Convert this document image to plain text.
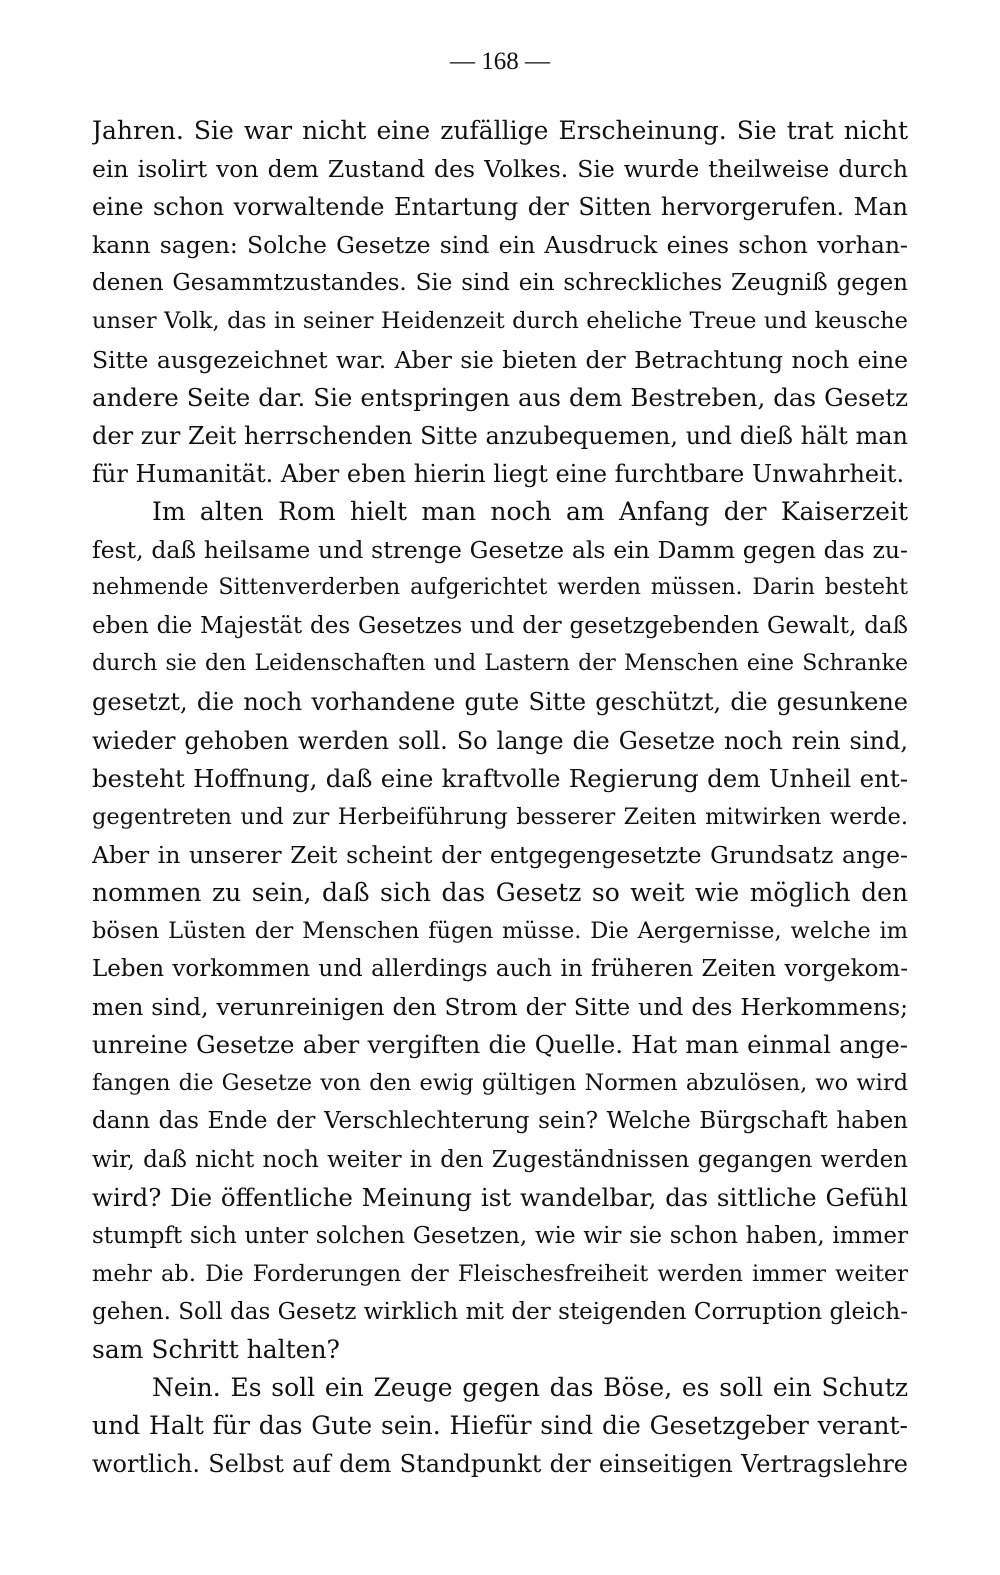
— 168 —
Jahren. Sie war nicht eine zufällige Erscheinung. Sie trat nicht
ein isolirt von dem Zustand des Volkes. Sie wurde theilweise durch
eine schon vorwaltende Entartung der Sitten hervorgerufen. Man
kann sagen: Solche Gesetze sind ein Ausdruck eines schon vorhan-
denen Gesammtzustandes. Sie sind ein schreckliches Zeugniß gegen
unser Volk, das in seiner Heidenzeit durch eheliche Treue und keusche
Sitte ausgezeichnet war. Aber sie bieten der Betrachtung noch eine
andere Seite dar. Sie entspringen aus dem Bestreben, das Gesetz
der zur Zeit herrschenden Sitte anzubequemen, und dieß hält man
für Humanität. Aber eben hierin liegt eine furchtbare Unwahrheit.
Im alten Rom hielt man noch am Anfang der Kaiserzeit
fest, daß heilsame und strenge Gesetze als ein Damm gegen das zu-
nehmende Sittenverderben aufgerichtet werden müssen. Darin besteht
eben die Majestät des Gesetzes und der gesetzgebenden Gewalt, daß
durch sie den Leidenschaften und Lastern der Menschen eine Schranke
gesetzt, die noch vorhandene gute Sitte geschützt, die gesunkene
wieder gehoben werden soll. So lange die Gesetze noch rein sind,
besteht Hoffnung, daß eine kraftvolle Regierung dem Unheil ent-
gegentreten und zur Herbeiführung besserer Zeiten mitwirken werde.
Aber in unserer Zeit scheint der entgegengesetzte Grundsatz ange-
nommen zu sein, daß sich das Gesetz so weit wie möglich den
bösen Lüsten der Menschen fügen müsse. Die Aergernisse, welche im
Leben vorkommen und allerdings auch in früheren Zeiten vorgekom-
men sind, verunreinigen den Strom der Sitte und des Herkommens;
unreine Gesetze aber vergiften die Quelle. Hat man einmal ange-
fangen die Gesetze von den ewig gültigen Normen abzulösen, wo wird
dann das Ende der Verschlechterung sein? Welche Bürgschaft haben
wir, daß nicht noch weiter in den Zugeständnissen gegangen werden
wird? Die öffentliche Meinung ist wandelbar, das sittliche Gefühl
stumpft sich unter solchen Gesetzen, wie wir sie schon haben, immer
mehr ab. Die Forderungen der Fleischesfreiheit werden immer weiter
gehen. Soll das Gesetz wirklich mit der steigenden Corruption gleich-
sam Schritt halten?
Nein. Es soll ein Zeuge gegen das Böse, es soll ein Schutz
und Halt für das Gute sein. Hiefür sind die Gesetzgeber verant-
wortlich. Selbst auf dem Standpunkt der einseitigen Vertragslehre
